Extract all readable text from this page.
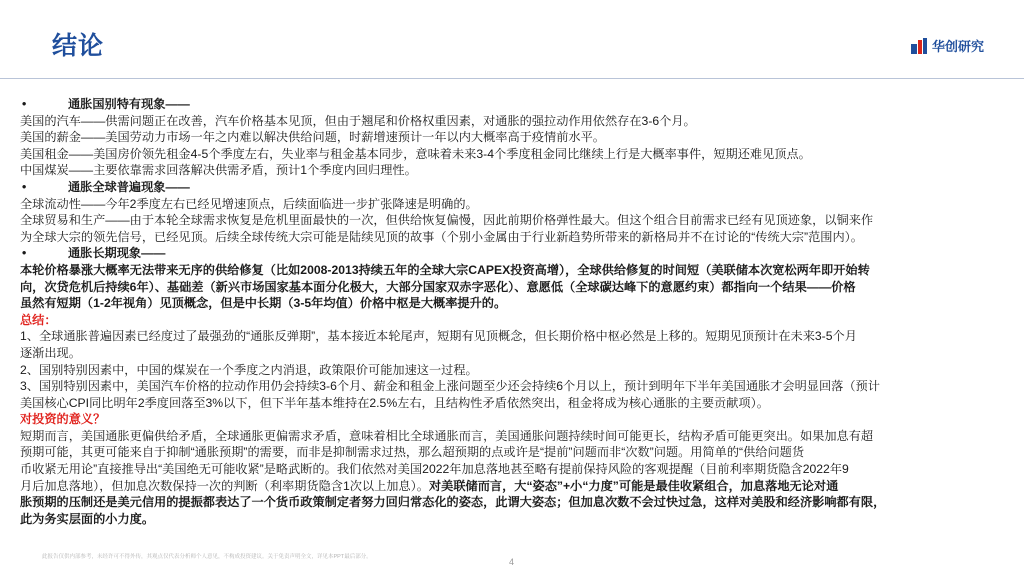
结论	华创研究
•	通胀国别特有现象——
美国的汽车——供需问题正在改善，汽车价格基本见顶，但由于翘尾和价格权重因素，对通胀的强拉动作用依然存在3-6个月。
美国的薪金——美国劳动力市场一年之内难以解决供给问题，时薪增速预计一年以内大概率高于疫情前水平。
美国租金——美国房价领先租金4-5个季度左右，失业率与租金基本同步，意味着未来3-4个季度租金同比继续上行是大概率事件，短期还难见顶点。
中国煤炭——主要依靠需求回落解决供需矛盾，预计1个季度内回归理性。
•	通胀全球普遍现象——
全球流动性——今年2季度左右已经见增速顶点，后续面临进一步扩张降速是明确的。
全球贸易和生产——由于本轮全球需求恢复是危机里面最快的一次，但供给恢复偏慢，因此前期价格弹性最大。但这个组合目前需求已经有见顶迹象，以铜来作
为全球大宗的领先信号，已经见顶。后续全球传统大宗可能是陆续见顶的故事（个别小金属由于行业新趋势所带来的新格局并不在讨论的“传统大宗”范围内）。
•	通胀长期现象——
本轮价格暴涨大概率无法带来无序的供给修复（比如2008-2013持续五年的全球大宗CAPEX投资高增），全球供给修复的时间短（美联储本次宽松两年即开始转
向，次贷危机后持续6年）、基础差（新兴市场国家基本面分化极大，大部分国家双赤字恶化）、意愿低（全球碳达峰下的意愿约束）都指向一个结果——价格
虽然有短期（1-2年视角）见顶概念，但是中长期（3-5年均值）价格中枢是大概率提升的。
总结：
1、全球通胀普遍因素已经度过了最强劲的“通胀反弹期”，基本接近本轮尾声，短期有见顶概念，但长期价格中枢必然是上移的。短期见顶预计在未来3-5个月
逐渐出现。
2、国别特别因素中，中国的煤炭在一个季度之内消退，政策限价可能加速这一过程。
3、国别特别因素中，美国汽车价格的拉动作用仍会持续3-6个月、薪金和租金上涨问题至少还会持续6个月以上，预计到明年下半年美国通胀才会明显回落（预计
美国核心CPI同比明年2季度回落至3%以下，但下半年基本维持在2.5%左右，且结构性矛盾依然突出，租金将成为核心通胀的主要贡献项）。
对投资的意义？
短期而言，美国通胀更偏供给矛盾，全球通胀更偏需求矛盾，意味着相比全球通胀而言，美国通胀问题持续时间可能更长，结构矛盾可能更突出。如果加息有超
预期可能，其更可能来自于抑制“通胀预期”的需要，而非是抑制需求过热，那么超预期的点或许是“提前”问题而非“次数”问题。用简单的“供给问题货
币收紧无用论”直接推导出“美国绝无可能收紧”是略武断的。我们依然对美国2022年加息落地甚至略有提前保持风险的客观提醒（目前利率期货隐含2022年9
月后加息落地），但加息次数保持一次的判断（利率期货隐含1次以上加息）。对美联储而言，大“姿态”+小“力度”可能是最佳收紧组合，加息落地无论对通
胀预期的压制还是美元信用的提振都表达了一个货币政策制定者努力回归常态化的姿态，此谓大姿态；但加息次数不会过快过急，这样对美股和经济影响都有限，
此为务实层面的小力度。
此报告仅供内部参考，未经许可不得外传，其观点仅代表分析师个人意见，不构成投资建议。关于免责声明全文，详见本PPT最后部分。	4
